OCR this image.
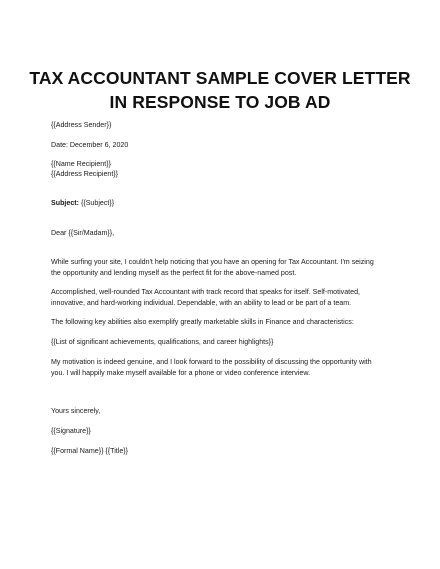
TAX ACCOUNTANT SAMPLE COVER LETTER
IN RESPONSE TO JOB AD
{{Address Sender}}
Date: December 6, 2020
{{Name Recipient}}
{{Address Recipient}}
Subject: {{Subject}}
Dear {{Sir/Madam}},
While surfing your site, I couldn't help noticing that you have an opening for Tax Accountant. I'm seizing
the opportunity and lending myself as the perfect fit for the above-named post.
Accomplished, well-rounded Tax Accountant with track record that speaks for itself. Self-motivated,
innovative, and hard-working individual. Dependable, with an ability to lead or be part of a team.
The following key abilities also exemplify greatly marketable skills in Finance and characteristics:
{{List of significant achievements, qualifications, and career highlights}}
My motivation is indeed genuine, and I look forward to the possibility of discussing the opportunity with
you. I will happily make myself available for a phone or video conference interview.
Yours sincerely,
{{Signature}}
{{Formal Name}} {{Title}}
